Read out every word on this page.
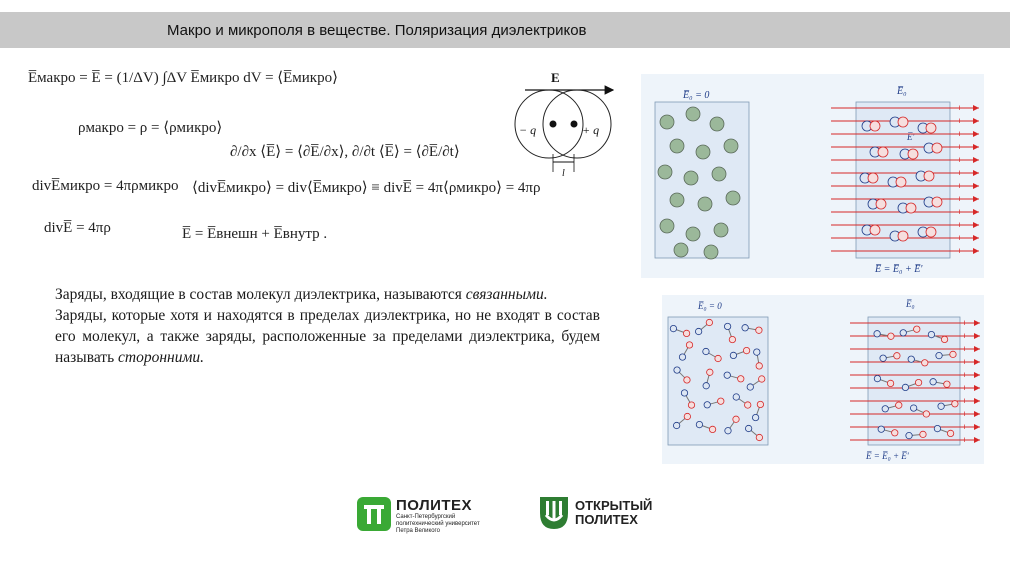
Макро и микрополя в веществе. Поляризация диэлектриков
E̅макро = E̅ = (1/ΔV) ∫ΔV E̅микро dV = ⟨E̅микро⟩
ρмакро = ρ = ⟨ρмикро⟩
∂/∂x ⟨E̅⟩ = ⟨∂E̅/∂x⟩, ∂/∂t ⟨E̅⟩ = ⟨∂E̅/∂t⟩
divE̅микро = 4πρмикро ⟨divE̅микро⟩ = div⟨E̅микро⟩ ≡ divE̅ = 4π⟨ρмикро⟩ = 4πρ
divE̅ = 4πρ	E̅ = E̅внешн + E̅внутр .
E
− q	+ q
l

Заряды, входящие в состав молекул диэлектрика, называются связанными.

Заряды, которые хотя и находятся в пределах диэлектрика, но не входят в состав его молекул, а также заряды, расположенные за пределами диэлектрика, будем называть сторонними.

E̅₀ = 0	E̅₀
E̅'
−	+
−	+
−	+
−	+
−	+
−	+
−	+
−	+
−	+
−	+
−	+
−	+
E̅ = E̅₀ + E̅'
E̅₀ = 0	E̅₀
−	+
−	+
−	+
−	+
−	+
−	+
−	+
−	+
−	+
−	+
E̅ = E̅₀ + E̅'
ПОЛИТЕХ
Санкт-Петербургский
политехнический университет
Петра Великого
ОТКРЫТЫЙ
ПОЛИТЕХ
